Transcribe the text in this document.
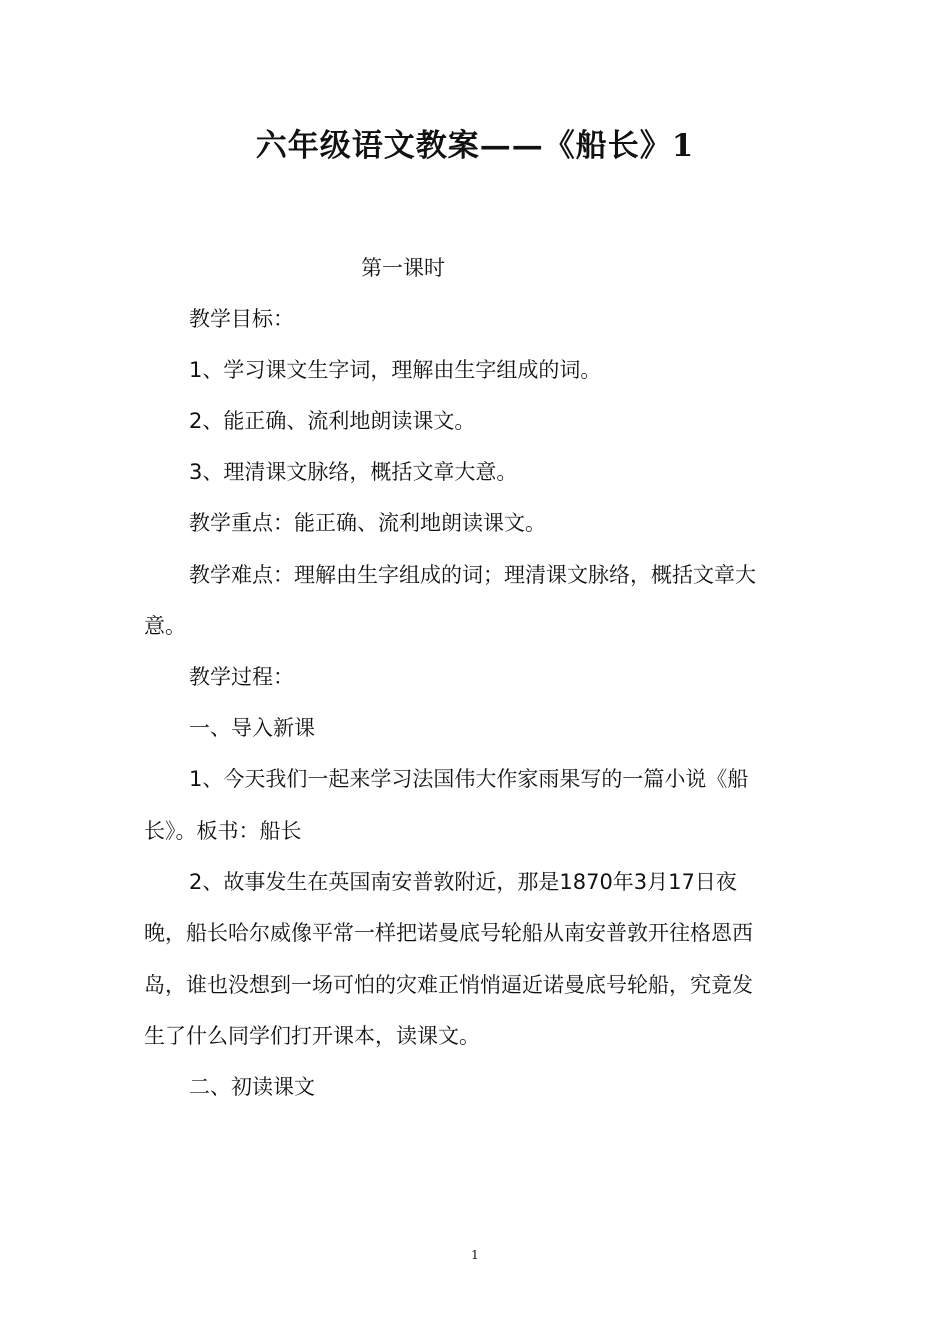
六年级语文教案——《船长》1
第一课时
教学目标：
1、学习课文生字词，理解由生字组成的词。
2、能正确、流利地朗读课文。
3、理清课文脉络，概括文章大意。
教学重点：能正确、流利地朗读课文。
教学难点：理解由生字组成的词；理清课文脉络，概括文章大
意。
教学过程：
一、导入新课
1、今天我们一起来学习法国伟大作家雨果写的一篇小说《船
长》。板书：船长
2、故事发生在英国南安普敦附近，那是1870年3月17日夜
晚，船长哈尔威像平常一样把诺曼底号轮船从南安普敦开往格恩西
岛，谁也没想到一场可怕的灾难正悄悄逼近诺曼底号轮船，究竟发
生了什么同学们打开课本，读课文。
二、初读课文
1
